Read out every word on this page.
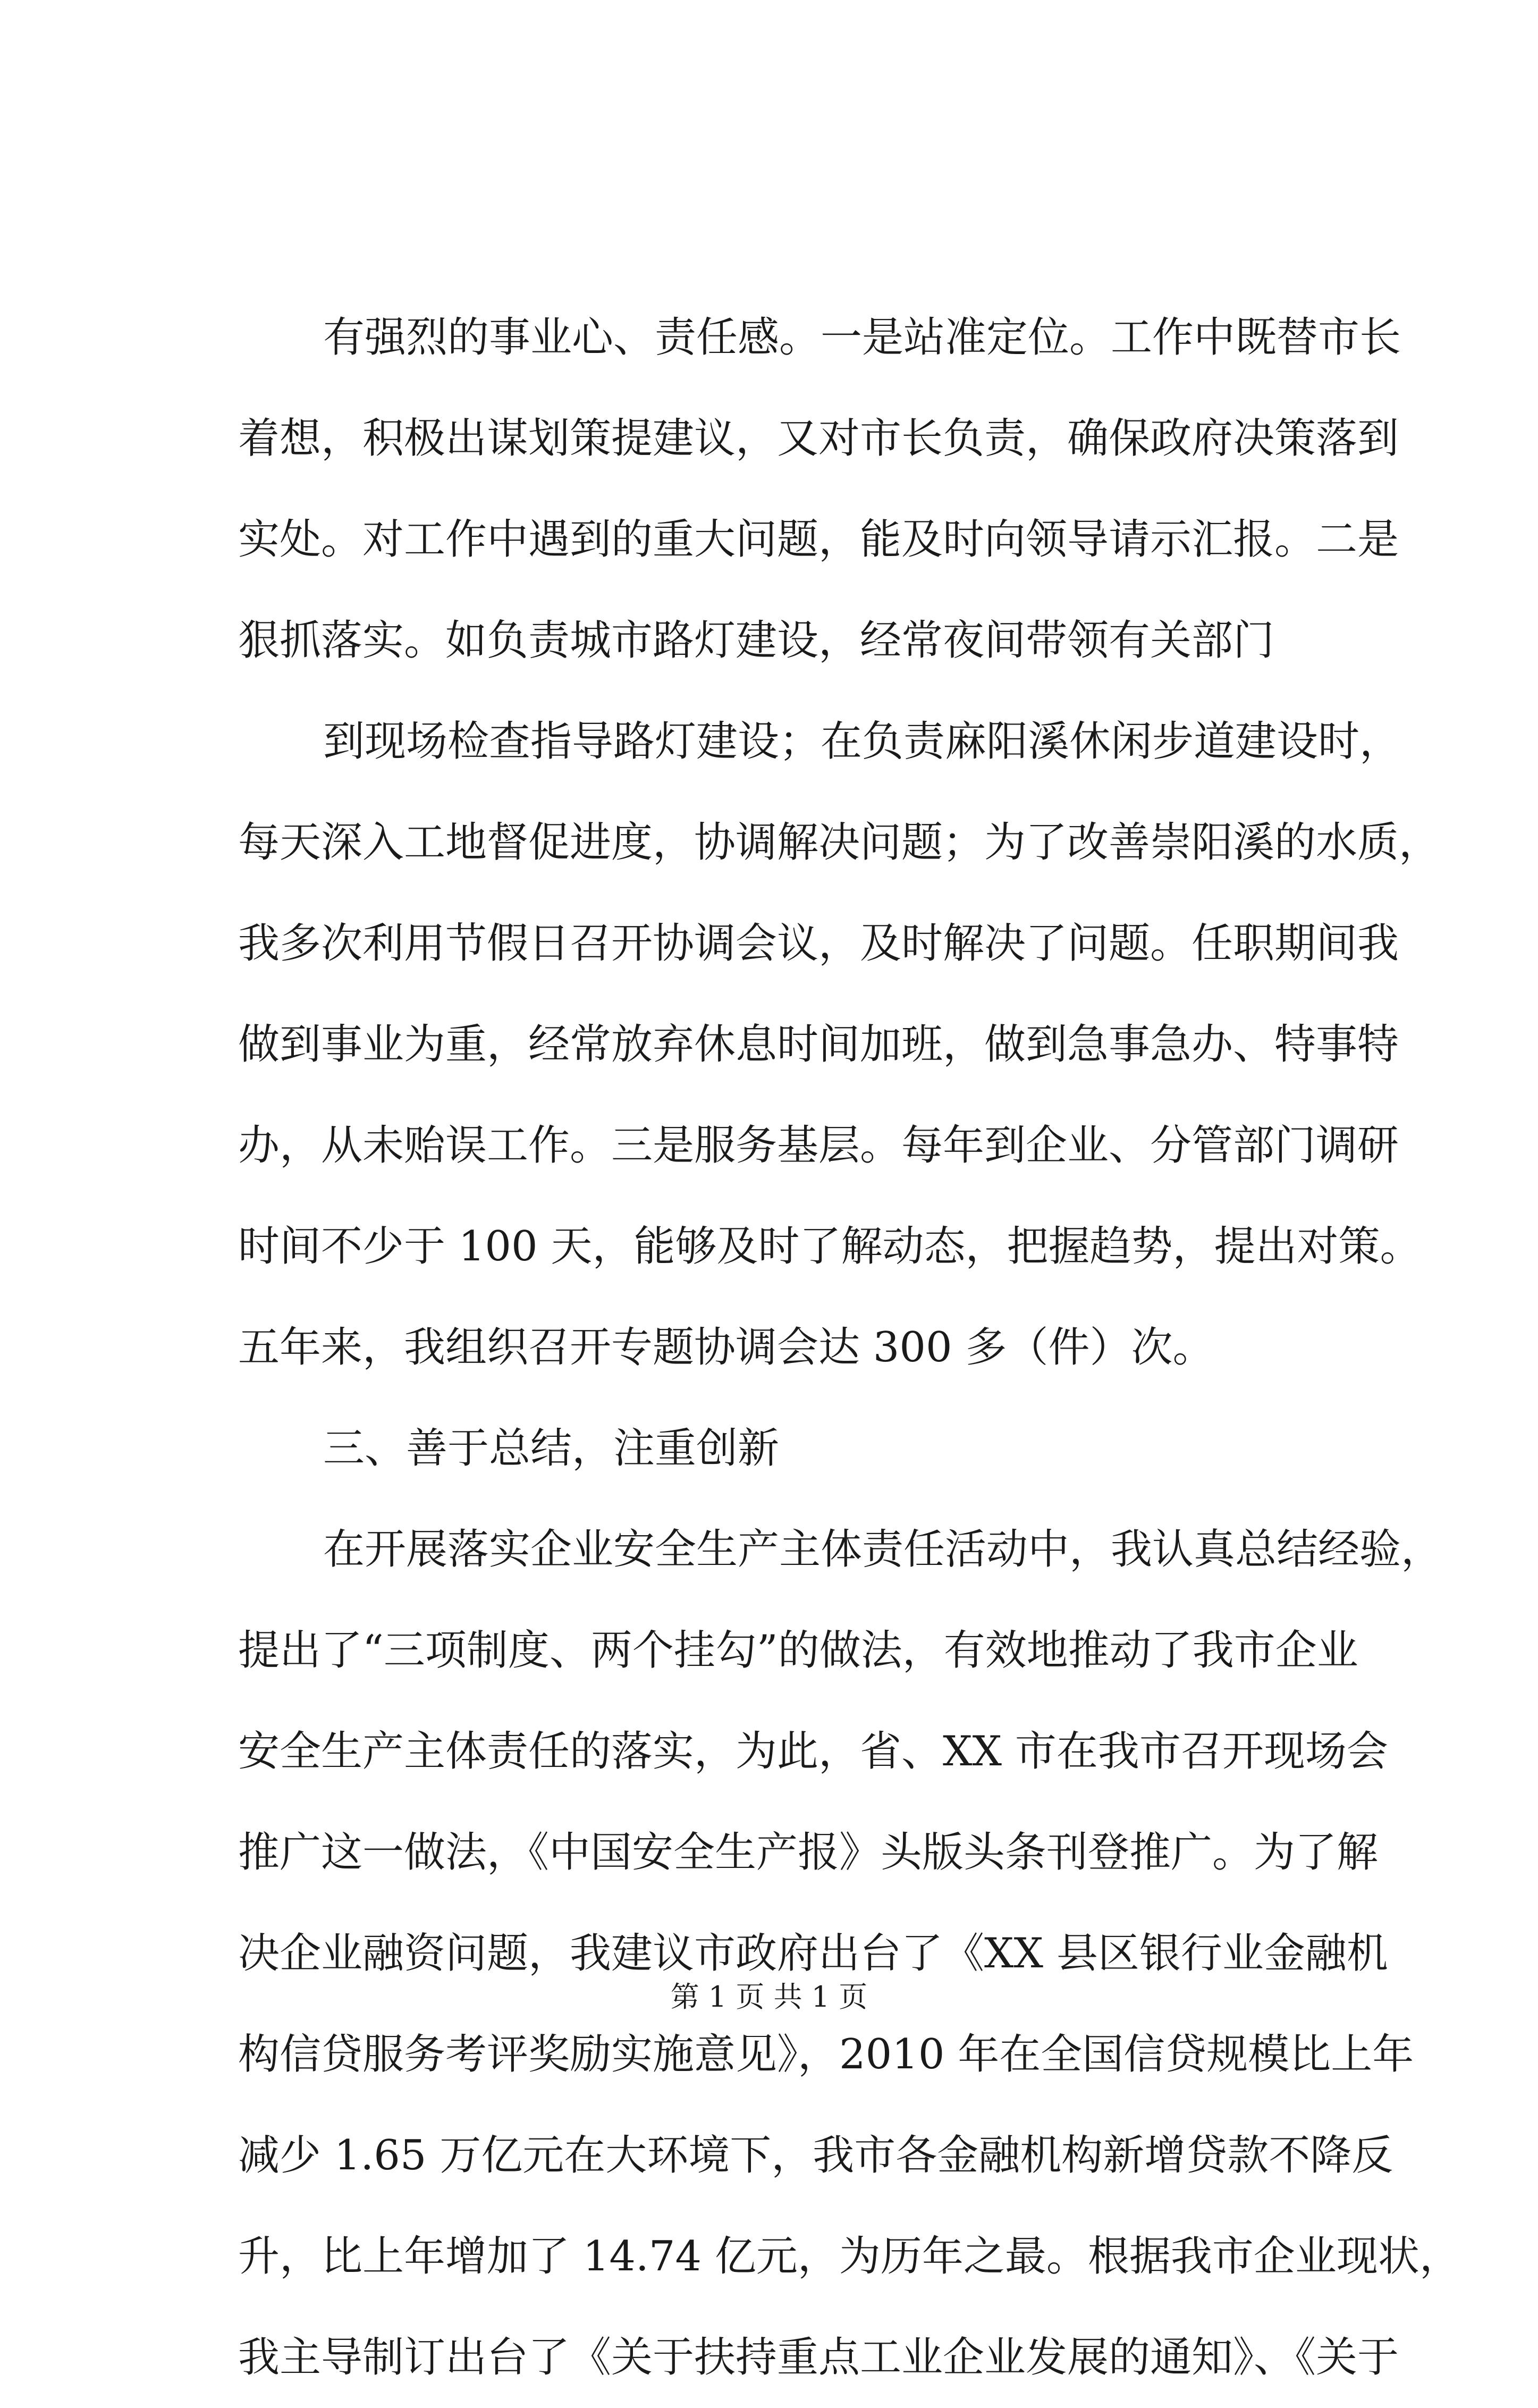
有强烈的事业心、责任感。一是站准定位。工作中既替市长
着想，积极出谋划策提建议，又对市长负责，确保政府决策落到
实处。对工作中遇到的重大问题，能及时向领导请示汇报。二是
狠抓落实。如负责城市路灯建设，经常夜间带领有关部门
到现场检查指导路灯建设；在负责麻阳溪休闲步道建设时，
每天深入工地督促进度，协调解决问题；为了改善崇阳溪的水质，
我多次利用节假日召开协调会议，及时解决了问题。任职期间我
做到事业为重，经常放弃休息时间加班，做到急事急办、特事特
办，从未贻误工作。三是服务基层。每年到企业、分管部门调研
时间不少于 100 天，能够及时了解动态，把握趋势，提出对策。
五年来，我组织召开专题协调会达 300 多（件）次。
三、善于总结，注重创新
在开展落实企业安全生产主体责任活动中，我认真总结经验，
提出了“三项制度、两个挂勾”的做法，有效地推动了我市企业
安全生产主体责任的落实，为此，省、XX 市在我市召开现场会
推广这一做法，《中国安全生产报》头版头条刊登推广。为了解
决企业融资问题，我建议市政府出台了《XX 县区银行业金融机
构信贷服务考评奖励实施意见》，2010 年在全国信贷规模比上年
减少 1.65 万亿元在大环境下，我市各金融机构新增贷款不降反
升，比上年增加了 14.74 亿元，为历年之最。根据我市企业现状，
我主导制订出台了《关于扶持重点工业企业发展的通知》、《关于
第 1 页 共 1 页
